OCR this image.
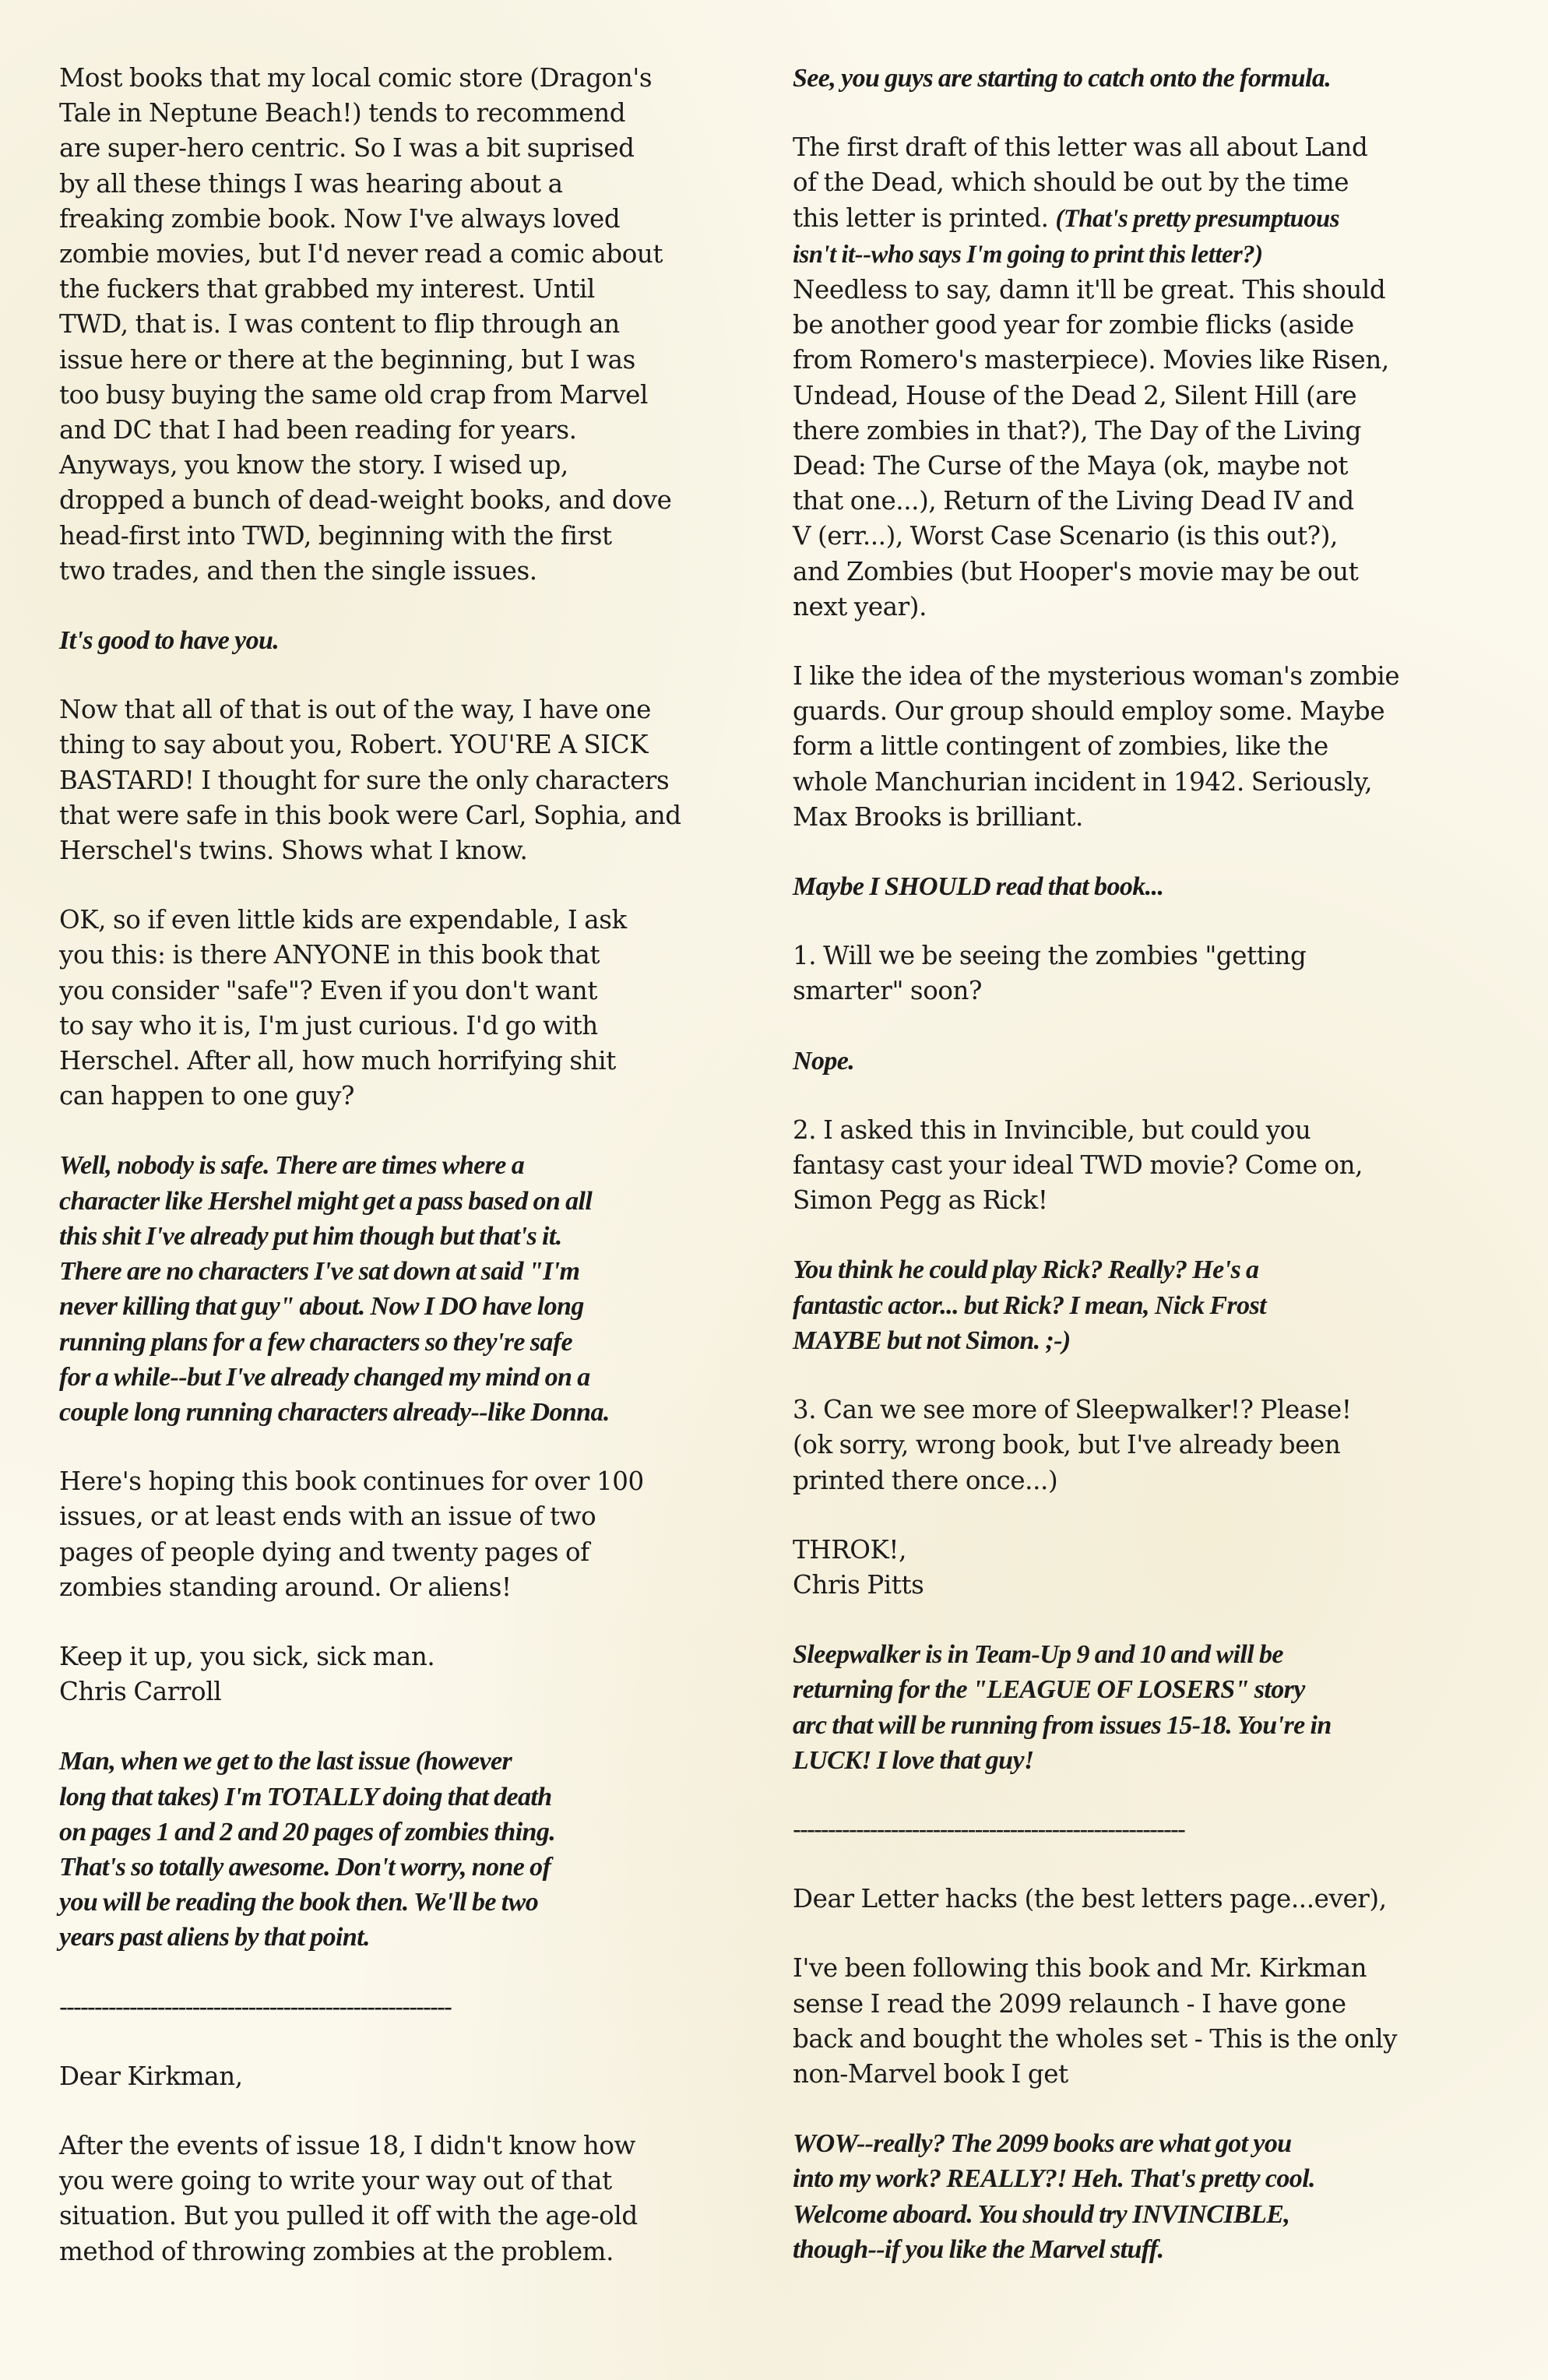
Most books that my local comic store (Dragon's
Tale in Neptune Beach!) tends to recommend
are super-hero centric. So I was a bit suprised
by all these things I was hearing about a
freaking zombie book. Now I've always loved
zombie movies, but I'd never read a comic about
the fuckers that grabbed my interest. Until
TWD, that is. I was content to flip through an
issue here or there at the beginning, but I was
too busy buying the same old crap from Marvel
and DC that I had been reading for years.
Anyways, you know the story. I wised up,
dropped a bunch of dead-weight books, and dove
head-first into TWD, beginning with the first
two trades, and then the single issues.
It's good to have you.
Now that all of that is out of the way, I have one
thing to say about you, Robert. YOU'RE A SICK
BASTARD! I thought for sure the only characters
that were safe in this book were Carl, Sophia, and
Herschel's twins. Shows what I know.
OK, so if even little kids are expendable, I ask
you this: is there ANYONE in this book that
you consider "safe"? Even if you don't want
to say who it is, I'm just curious. I'd go with
Herschel. After all, how much horrifying shit
can happen to one guy?
Well, nobody is safe. There are times where a
character like Hershel might get a pass based on all
this shit I've already put him though but that's it.
There are no characters I've sat down at said "I'm
never killing that guy" about. Now I DO have long
running plans for a few characters so they're safe
for a while--but I've already changed my mind on a
couple long running characters already--like Donna.
Here's hoping this book continues for over 100
issues, or at least ends with an issue of two
pages of people dying and twenty pages of
zombies standing around. Or aliens!
Keep it up, you sick, sick man.
Chris Carroll
Man, when we get to the last issue (however
long that takes) I'm TOTALLY doing that death
on pages 1 and 2 and 20 pages of zombies thing.
That's so totally awesome. Don't worry, none of
you will be reading the book then. We'll be two
years past aliens by that point.
--------------------------------------------------------
Dear Kirkman,
After the events of issue 18, I didn't know how
you were going to write your way out of that
situation. But you pulled it off with the age-old
method of throwing zombies at the problem.
See, you guys are starting to catch onto the formula.
The first draft of this letter was all about Land
of the Dead, which should be out by the time
this letter is printed. (That's pretty presumptuous
isn't it--who says I'm going to print this letter?)
Needless to say, damn it'll be great. This should
be another good year for zombie flicks (aside
from Romero's masterpiece). Movies like Risen,
Undead, House of the Dead 2, Silent Hill (are
there zombies in that?), The Day of the Living
Dead: The Curse of the Maya (ok, maybe not
that one...), Return of the Living Dead IV and
V (err...), Worst Case Scenario (is this out?),
and Zombies (but Hooper's movie may be out
next year).
I like the idea of the mysterious woman's zombie
guards. Our group should employ some. Maybe
form a little contingent of zombies, like the
whole Manchurian incident in 1942. Seriously,
Max Brooks is brilliant.
Maybe I SHOULD read that book...
1. Will we be seeing the zombies "getting
smarter" soon?
Nope.
2. I asked this in Invincible, but could you
fantasy cast your ideal TWD movie? Come on,
Simon Pegg as Rick!
You think he could play Rick? Really? He's a
fantastic actor... but Rick? I mean, Nick Frost
MAYBE but not Simon. ;-)
3. Can we see more of Sleepwalker!? Please!
(ok sorry, wrong book, but I've already been
printed there once...)
THROK!,
Chris Pitts
Sleepwalker is in Team-Up 9 and 10 and will be
returning for the "LEAGUE OF LOSERS" story
arc that will be running from issues 15-18. You're in
LUCK! I love that guy!
--------------------------------------------------------
Dear Letter hacks (the best letters page...ever),
I've been following this book and Mr. Kirkman
sense I read the 2099 relaunch - I have gone
back and bought the wholes set - This is the only
non-Marvel book I get
WOW--really? The 2099 books are what got you
into my work? REALLY?! Heh. That's pretty cool.
Welcome aboard. You should try INVINCIBLE,
though--if you like the Marvel stuff.
